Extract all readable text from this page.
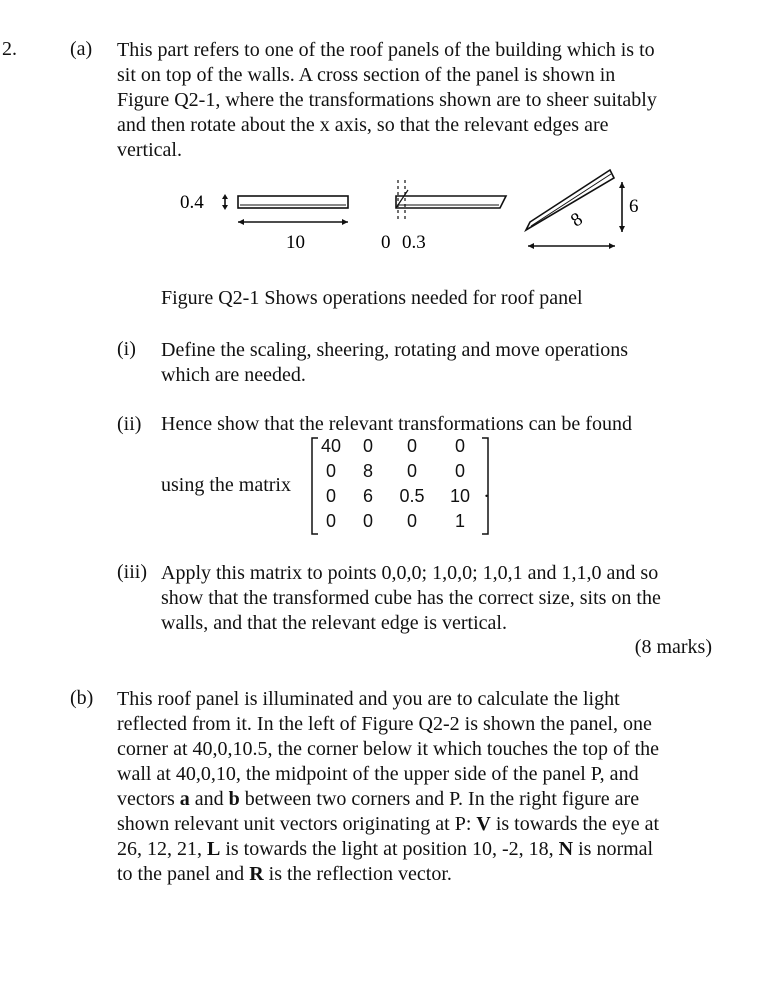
2.	(a) This part refers to one of the roof panels of the building which is to
sit on top of the walls. A cross section of the panel is shown in
Figure Q2-1, where the transformations shown are to sheer suitably
and then rotate about the x axis, so that the relevant edges are
vertical.
0.4
10	0 0.3
8
6
Figure Q2-1 Shows operations needed for roof panel
(i) Define the scaling, sheering, rotating and move operations
which are needed.
(ii) Hence show that the relevant transformations can be found
using the matrix
40	0	0	0
0	8	0	0
0	6	0.5	10
0	0	0	1
.
(iii) Apply this matrix to points 0,0,0; 1,0,0; 1,0,1 and 1,1,0 and so
show that the transformed cube has the correct size, sits on the
walls, and that the relevant edge is vertical.
(8 marks)
(b) This roof panel is illuminated and you are to calculate the light
reflected from it. In the left of Figure Q2-2 is shown the panel, one
corner at 40,0,10.5, the corner below it which touches the top of the
wall at 40,0,10, the midpoint of the upper side of the panel P, and
vectors a and b between two corners and P. In the right figure are
shown relevant unit vectors originating at P: V is towards the eye at
26, 12, 21, L is towards the light at position 10, -2, 18, N is normal
to the panel and R is the reflection vector.
